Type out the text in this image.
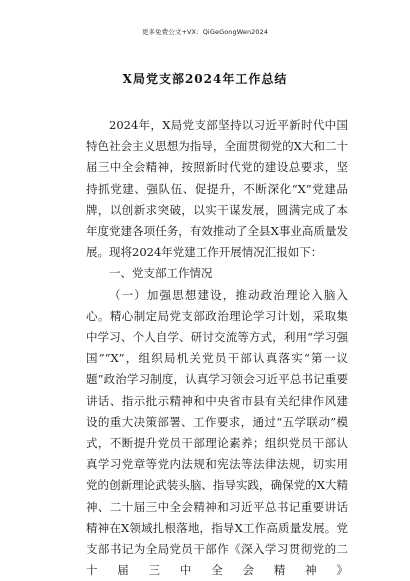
更多免费公文+VX：QiGeGongWen2024
X局党支部2024年工作总结

2024年，X局党支部坚持以习近平新时代中国特色社会主义思想为指导，全面贯彻党的X大和二十届三中全会精神，按照新时代党的建设总要求，坚持抓党建、强队伍、促提升，不断深化“X”党建品牌，以创新求突破，以实干谋发展，圆满完成了本年度党建各项任务，有效推动了全县X事业高质量发展。现将2024年党建工作开展情况汇报如下：

一、党支部工作情况

（一）加强思想建设，推动政治理论入脑入心。精心制定局党支部政治理论学习计划，采取集中学习、个人自学、研讨交流等方式，利用“学习强国”“X”，组织局机关党员干部认真落实“第一议题”政治学习制度，认真学习领会习近平总书记重要讲话、指示批示精神和中央省市县有关纪律作风建设的重大决策部署、工作要求，通过“五学联动”模式，不断提升党员干部理论素养；组织党员干部认真学习党章等党内法规和宪法等法律法规，切实用党的创新理论武装头脑、指导实践，确保党的X大精神、二十届三中全会精神和习近平总书记重要讲话精神在X领域扎根落地，指导X工作高质量发展。党支部书记为全局党员干部作《深入学习贯彻党的二十届三中全会精神》
